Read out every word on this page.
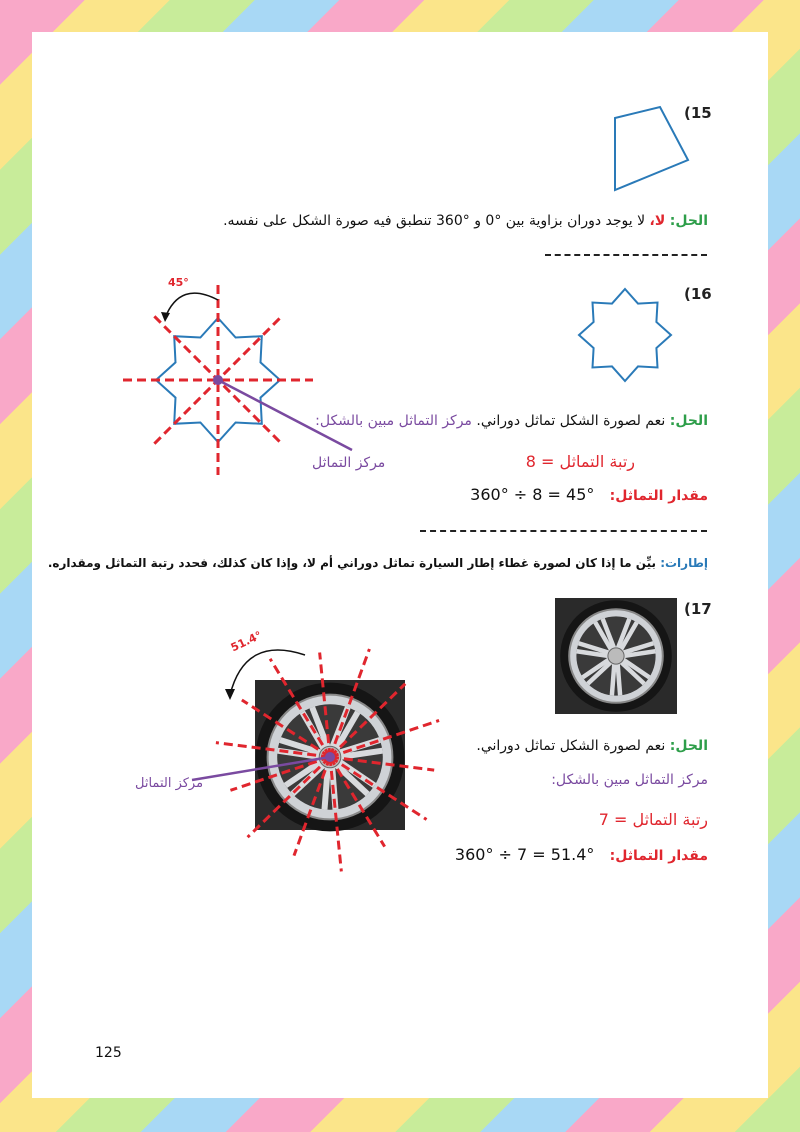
(15
الحل: لا، لا يوجد دوران بزاوية بين °0 و °360 تنطبق فيه صورة الشكل على نفسه.
(16
45°
الحل: نعم لصورة الشكل تماثل دوراني. مركز التماثل مبين بالشكل:
مركز التماثل	رتبة التماثل = 8
مقدار التماثل:   360° ÷ 8 = 45°
إطارات: بيِّن ما إذا كان لصورة غطاء إطار السيارة تماثل دوراني أم لا، وإذا كان كذلك، فحدد رتبة التماثل ومقداره.
(17
51.4°
الحل: نعم لصورة الشكل تماثل دوراني.
مركز التماثل مبين بالشكل:
مركز التماثل
رتبة التماثل = 7
مقدار التماثل:   360° ÷ 7 = 51.4°
125
